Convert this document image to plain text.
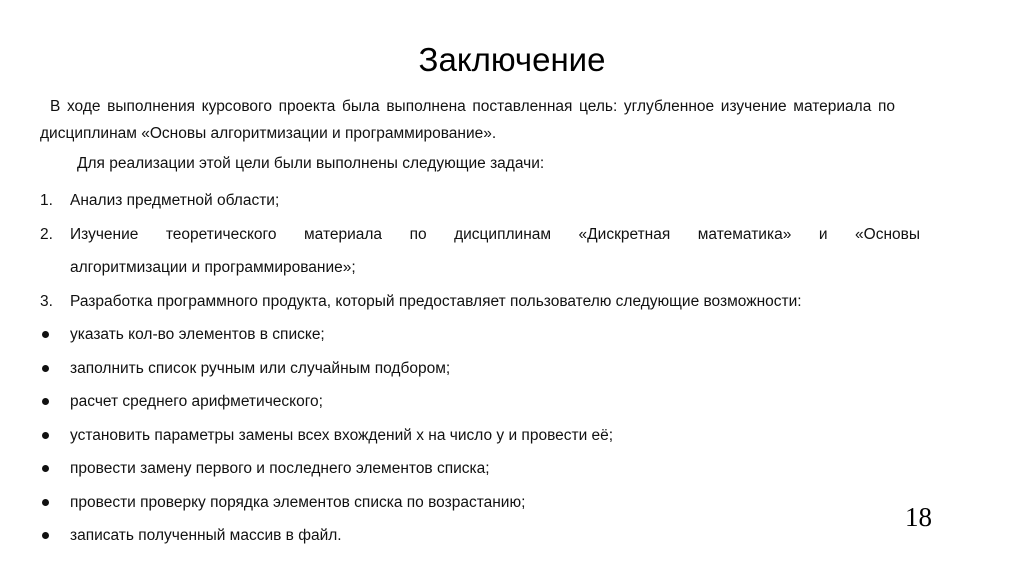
Заключение
В ходе выполнения курсового проекта была выполнена поставленная цель: углубленное изучение материала по дисциплинам «Основы алгоритмизации и программирование».
Для реализации этой цели были выполнены следующие задачи:
1.	Анализ предметной области;
2.	Изучение теоретического материала по дисциплинам «Дискретная математика» и «Основы
алгоритмизации и программирование»;
3.	Разработка программного продукта, который предоставляет пользователю следующие возможности:
указать кол-во элементов в списке;
заполнить список ручным или случайным подбором;
расчет среднего арифметического;
установить параметры замены всех вхождений x на число y и провести её;
провести замену первого и последнего элементов списка;
провести проверку порядка элементов списка по возрастанию;
записать полученный массив в файл.
18
